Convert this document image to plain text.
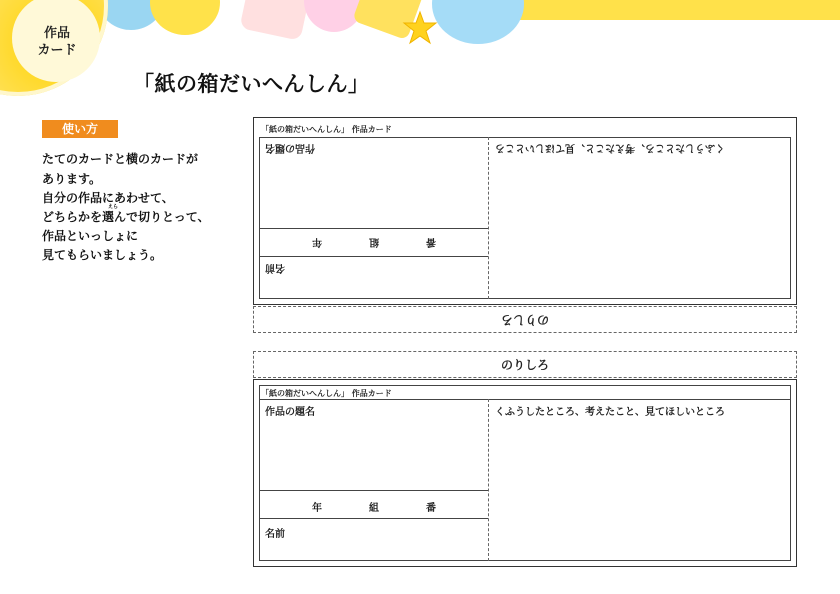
作品
カード
「紙の箱だいへんしん」
使い方
たてのカードと横のカードが
あります。
自分の作品にあわせて、
どちらかを選んで切りとって、
えら
作品といっしょに
見てもらいましょう。
「紙の箱だいへんしん」 作品カード
作品の題名	くふうしたところ、考えたこと、見てほしいところ
年	組	番
名前
のりしろ
のりしろ
「紙の箱だいへんしん」 作品カード
作品の題名	くふうしたところ、考えたこと、見てほしいところ
年	組	番
名前
